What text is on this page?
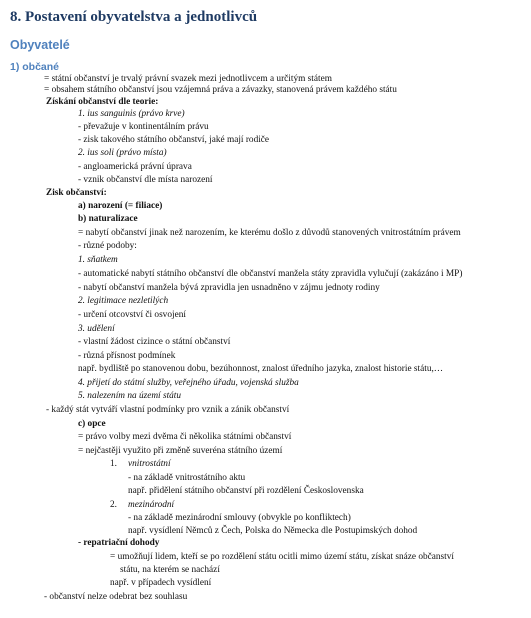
8. Postavení obyvatelstva a jednotlivců
Obyvatelé
1) občané
= státní občanství je trvalý právní svazek mezi jednotlivcem a určitým státem
= obsahem státního občanství jsou vzájemná práva a závazky, stanovená právem každého státu
Získání občanství dle teorie:
1. ius sanguinis (právo krve)
- převažuje v kontinentálním právu
- zisk takového státního občanství, jaké mají rodiče
2. ius soli (právo místa)
- angloamerická právní úprava
- vznik občanství dle místa narození
Zisk občanství:
a) narození (= filiace)
b) naturalizace
= nabytí občanství jinak než narozením, ke kterému došlo z důvodů stanovených vnitrostátním právem
- různé podoby:
1. sňatkem
- automatické nabytí státního občanství dle občanství manžela státy zpravidla vylučují (zakázáno i MP)
- nabytí občanství manžela bývá zpravidla jen usnadněno v zájmu jednoty rodiny
2. legitimace nezletilých
- určení otcovství či osvojení
3. udělení
- vlastní žádost cizince o státní občanství
- různá přísnost podmínek
např. bydliště po stanovenou dobu, bezúhonnost, znalost úředního jazyka, znalost historie státu,…
4. přijetí do státní služby, veřejného úřadu, vojenská služba
5. nalezením na území státu
- každý stát vytváří vlastní podmínky pro vznik a zánik občanství
c) opce
= právo volby mezi dvěma či několika státními občanství
= nejčastěji využito při změně suveréna státního území
1. vnitrostátní
- na základě vnitrostátního aktu
např. přidělení státního občanství při rozdělení Československa
2. mezinárodní
- na základě mezinárodní smlouvy (obvykle po konfliktech)
např. vysídlení Němců z Čech, Polska do Německa dle Postupimských dohod
- repatriační dohody
= umožňují lidem, kteří se po rozdělení státu ocitli mimo území státu, získat snáze občanství
státu, na kterém se nachází
např. v případech vysídlení
- občanství nelze odebrat bez souhlasu
